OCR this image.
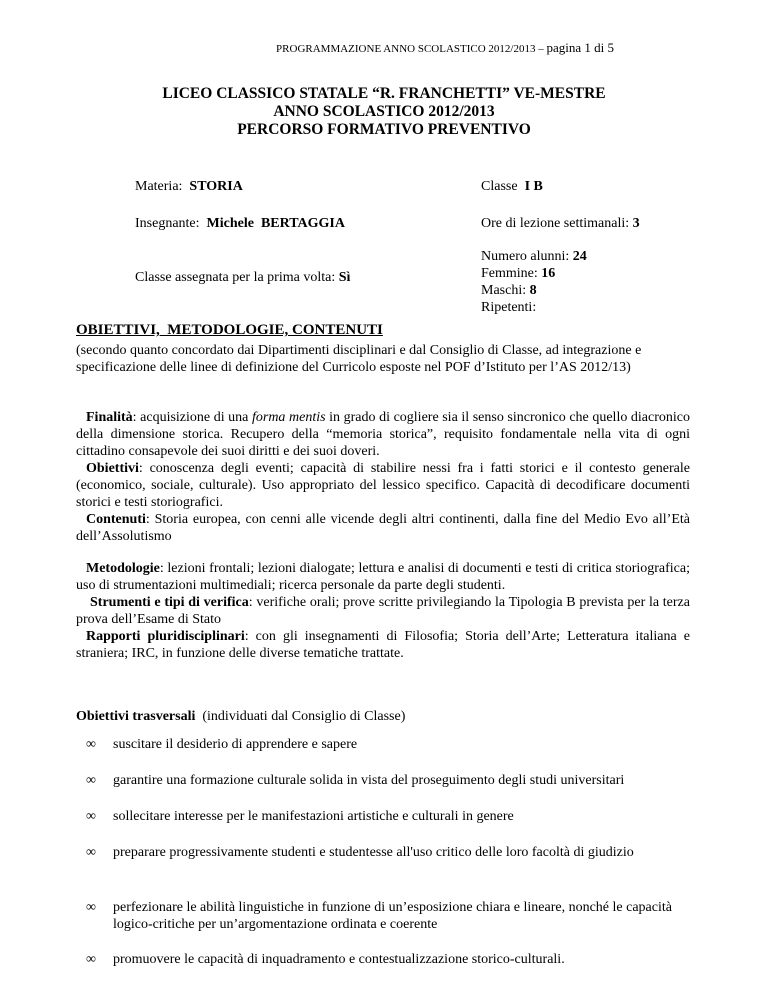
PROGRAMMAZIONE ANNO SCOLASTICO 2012/2013 – pagina 1 di 5
LICEO CLASSICO STATALE “R. FRANCHETTI” VE-MESTRE
ANNO SCOLASTICO 2012/2013
PERCORSO FORMATIVO PREVENTIVO
Materia: STORIA	Classe I B
Insegnante: Michele  BERTAGGIA	Ore di lezione settimanali: 3
Classe assegnata per la prima volta: Sì
Numero alunni: 24
Femmine: 16
Maschi: 8
Ripetenti:
OBIETTIVI,  METODOLOGIE, CONTENUTI
(secondo quanto concordato dai Dipartimenti disciplinari e dal Consiglio di Classe, ad integrazione e specificazione delle linee di definizione del Curricolo esposte nel POF d’Istituto per l’AS 2012/13)

Finalità: acquisizione di una forma mentis in grado di cogliere sia il senso sincronico che quello diacronico della dimensione storica. Recupero della “memoria storica”, requisito fondamentale nella vita di ogni cittadino consapevole dei suoi diritti e dei suoi doveri.

Obiettivi: conoscenza degli eventi; capacità di stabilire nessi fra i fatti storici e il contesto generale (economico, sociale, culturale). Uso appropriato del lessico specifico. Capacità di decodificare documenti storici e testi storiografici.

Contenuti: Storia europea, con cenni alle vicende degli altri continenti, dalla fine del Medio Evo all’Età dell’Assolutismo

Metodologie: lezioni frontali; lezioni dialogate; lettura e analisi di documenti e testi di critica storiografica; uso di strumentazioni multimediali; ricerca personale da parte degli studenti.

Strumenti e tipi di verifica: verifiche orali; prove scritte privilegiando la Tipologia B prevista per la terza prova dell’Esame di Stato

Rapporti pluridisciplinari: con gli insegnamenti di Filosofia; Storia dell’Arte; Letteratura italiana e straniera; IRC, in funzione delle diverse tematiche trattate.

Obiettivi trasversali  (individuati dal Consiglio di Classe)
∞ suscitare il desiderio di apprendere e sapere
∞ garantire una formazione culturale solida in vista del proseguimento degli studi universitari
∞ sollecitare interesse per le manifestazioni artistiche e culturali in genere
∞ preparare progressivamente studenti e studentesse all'uso critico delle loro facoltà di giudizio
∞ perfezionare le abilità linguistiche in funzione di un’esposizione chiara e lineare, nonché le capacità logico-critiche per un’argomentazione ordinata e coerente
∞ promuovere le capacità di inquadramento e contestualizzazione storico-culturali.
